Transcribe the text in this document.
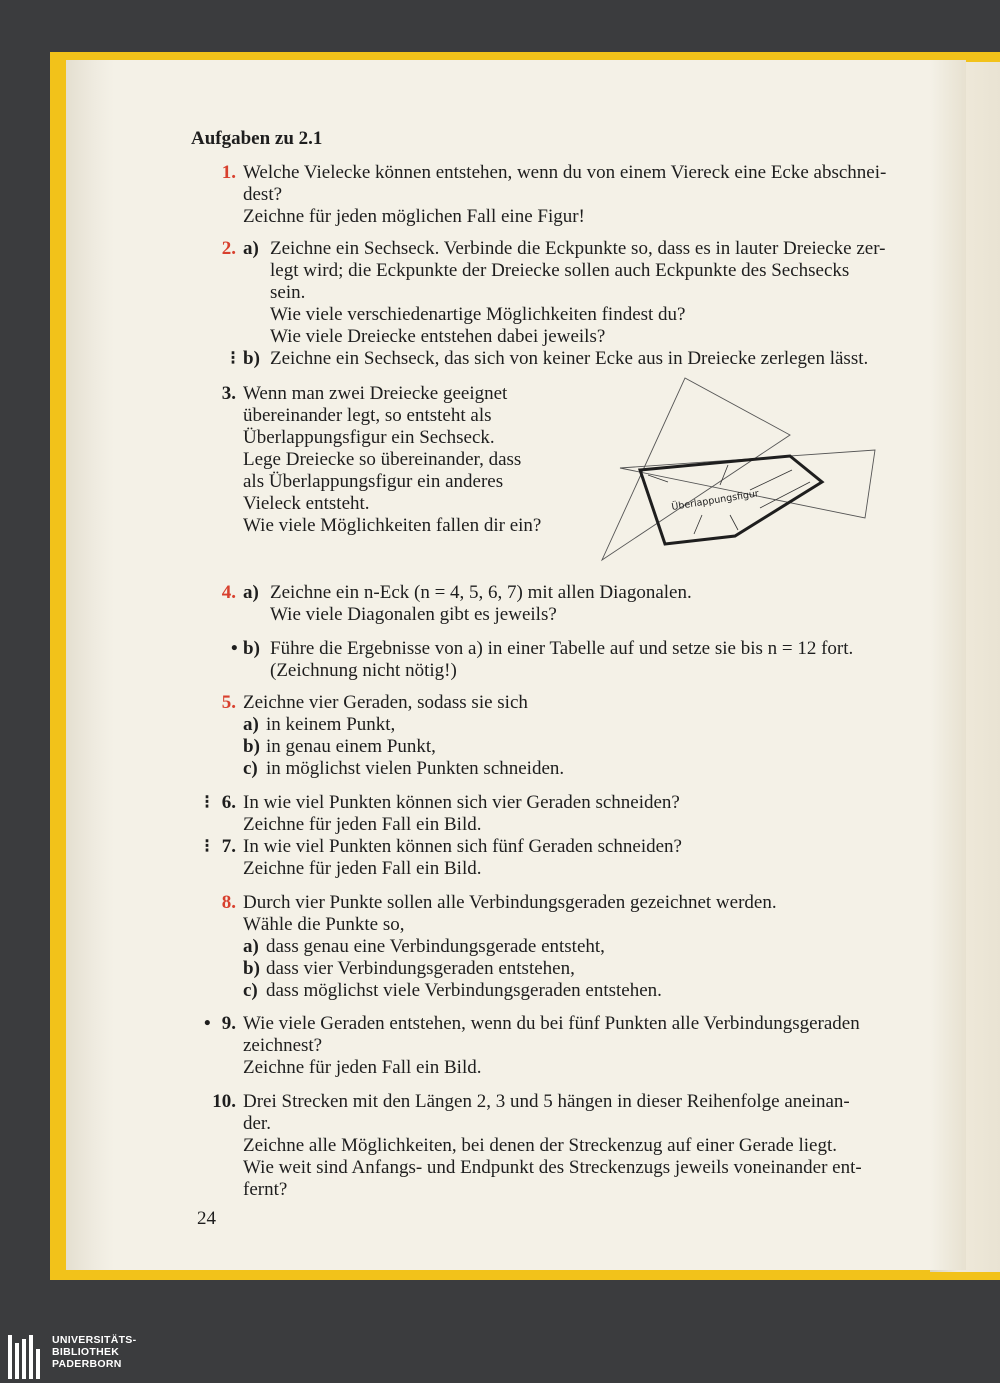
Aufgaben zu 2.1
1. Welche Vielecke können entstehen, wenn du von einem Viereck eine Ecke abschnei-
dest?
Zeichne für jeden möglichen Fall eine Figur!
2. a) Zeichne ein Sechseck. Verbinde die Eckpunkte so, dass es in lauter Dreiecke zer-
legt wird; die Eckpunkte der Dreiecke sollen auch Eckpunkte des Sechsecks
sein.
Wie viele verschiedenartige Möglichkeiten findest du?
Wie viele Dreiecke entstehen dabei jeweils?
⁝ b) Zeichne ein Sechseck, das sich von keiner Ecke aus in Dreiecke zerlegen lässt.
3. Wenn man zwei Dreiecke geeignet
übereinander legt, so entsteht als
Überlappungsfigur ein Sechseck.
Lege Dreiecke so übereinander, dass
als Überlappungsfigur ein anderes
Vieleck entsteht.
Wie viele Möglichkeiten fallen dir ein?
Überlappungsfigur
4. a) Zeichne ein n-Eck (n = 4, 5, 6, 7) mit allen Diagonalen.
Wie viele Diagonalen gibt es jeweils?
• b) Führe die Ergebnisse von a) in einer Tabelle auf und setze sie bis n = 12 fort.
(Zeichnung nicht nötig!)
5. Zeichne vier Geraden, sodass sie sich
a) in keinem Punkt,
b) in genau einem Punkt,
c) in möglichst vielen Punkten schneiden.
⁝ 6. In wie viel Punkten können sich vier Geraden schneiden?
Zeichne für jeden Fall ein Bild.
⁝ 7. In wie viel Punkten können sich fünf Geraden schneiden?
Zeichne für jeden Fall ein Bild.
8. Durch vier Punkte sollen alle Verbindungsgeraden gezeichnet werden.
Wähle die Punkte so,
a) dass genau eine Verbindungsgerade entsteht,
b) dass vier Verbindungsgeraden entstehen,
c) dass möglichst viele Verbindungsgeraden entstehen.
• 9. Wie viele Geraden entstehen, wenn du bei fünf Punkten alle Verbindungsgeraden
zeichnest?
Zeichne für jeden Fall ein Bild.
10. Drei Strecken mit den Längen 2, 3 und 5 hängen in dieser Reihenfolge aneinan-
der.
Zeichne alle Möglichkeiten, bei denen der Streckenzug auf einer Gerade liegt.
Wie weit sind Anfangs- und Endpunkt des Streckenzugs jeweils voneinander ent-
fernt?
24
UNIVERSITÄTS-
BIBLIOTHEK
PADERBORN
